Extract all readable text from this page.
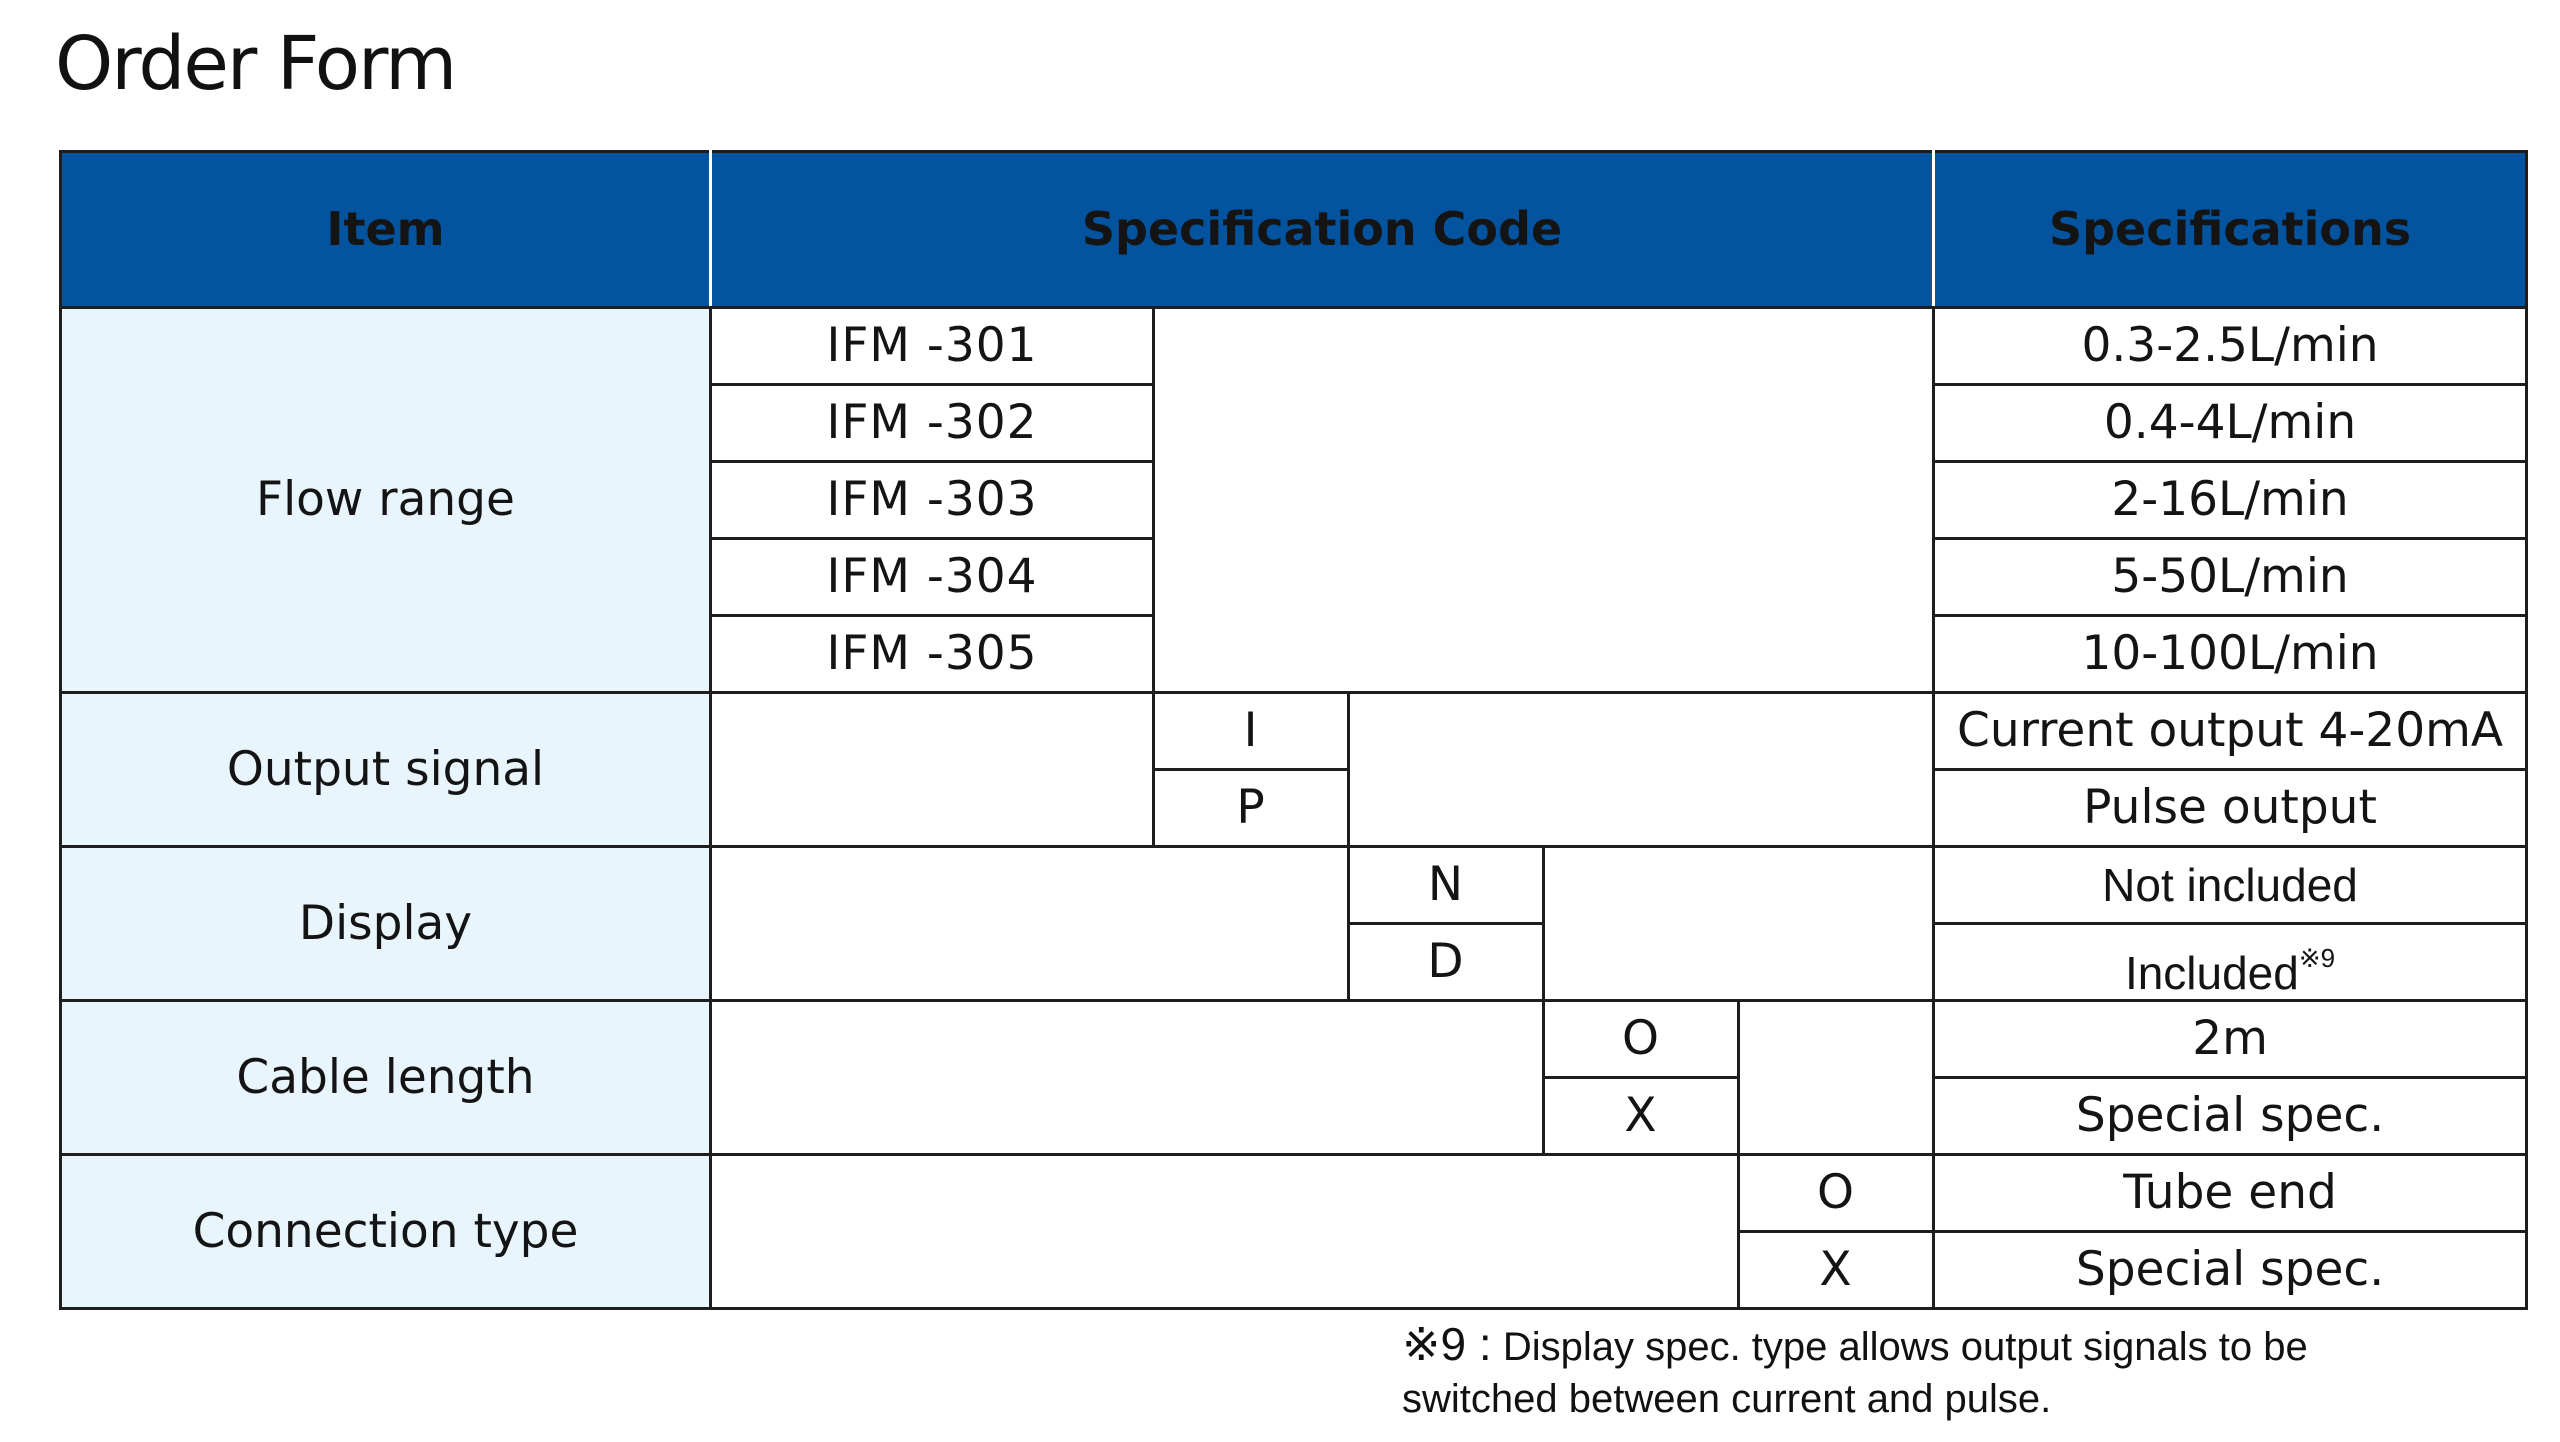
Order Form
Item	Specification Code					Specifications
Flow range	IFM -301					0.3-2.5L/min
	IFM -302					0.4-4L/min
	IFM -303					2-16L/min
	IFM -304					5-50L/min
	IFM -305					10-100L/min
Output signal		I				Current output 4-20mA
		P				Pulse output
Display			N			Not included
			D			Included$^{※9}$
Cable length				O		2m
				X		Special spec.
Connection type					O	Tube end
					X	Special spec.
※9 : Display spec. type allows output signals to be switched between current and pulse.
